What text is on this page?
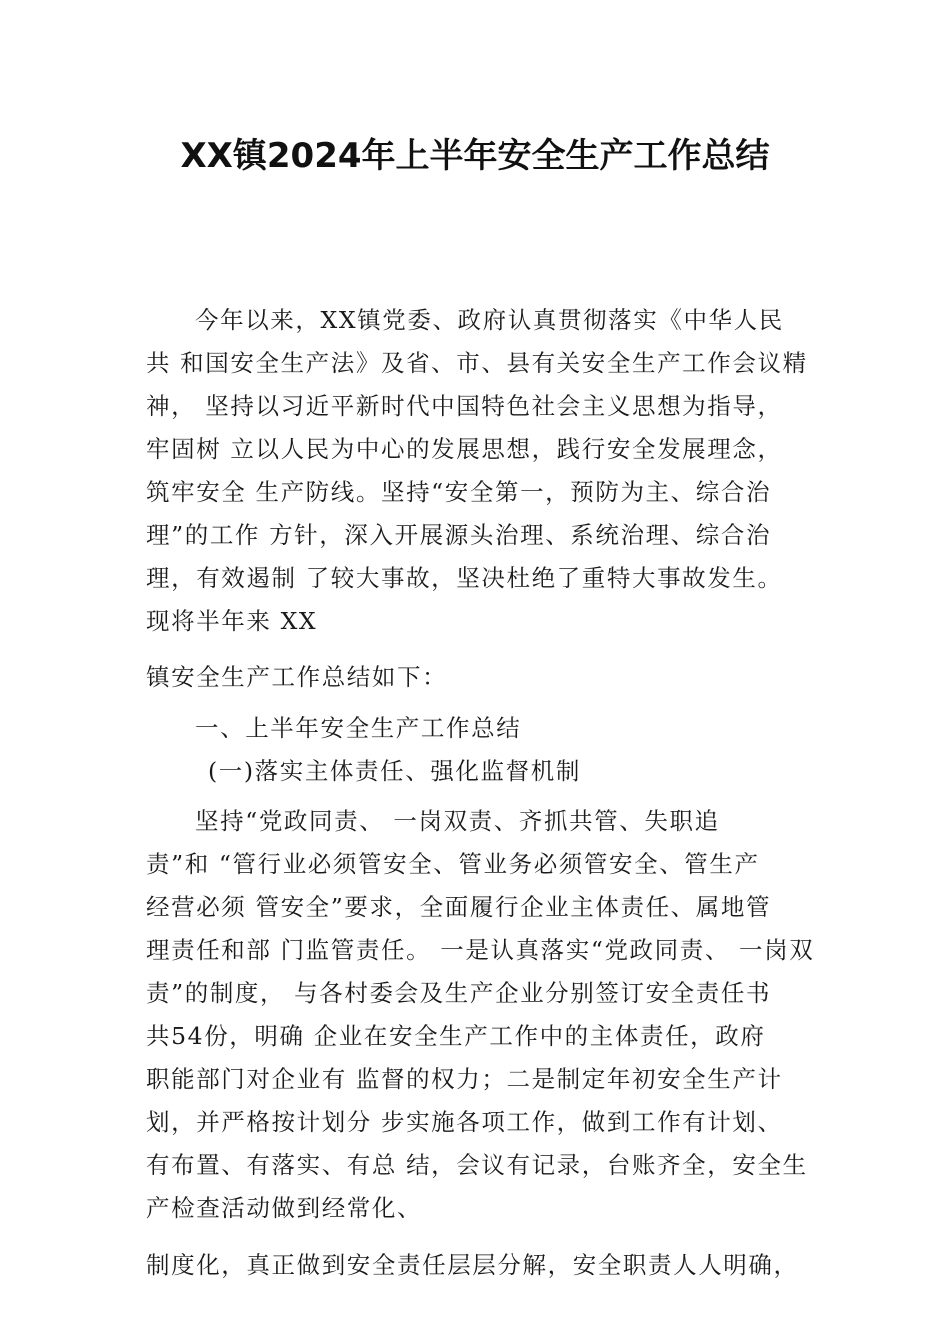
XX镇2024年上半年安全生产工作总结
今年以来，XX镇党委、政府认真贯彻落实《中华人民
共 和国安全生产法》及省、市、县有关安全生产工作会议精
神， 坚持以习近平新时代中国特色社会主义思想为指导，
牢固树 立以人民为中心的发展思想，践行安全发展理念，
筑牢安全 生产防线。坚持“安全第一，预防为主、综合治
理”的工作 方针，深入开展源头治理、系统治理、综合治
理，有效遏制 了较大事故，坚决杜绝了重特大事故发生。
现将半年来 XX
镇安全生产工作总结如下：
一、上半年安全生产工作总结
(一)落实主体责任、强化监督机制
坚持“党政同责、 一岗双责、齐抓共管、失职追
责”和 “管行业必须管安全、管业务必须管安全、管生产
经营必须 管安全”要求，全面履行企业主体责任、属地管
理责任和部 门监管责任。 一是认真落实“党政同责、 一岗双
责”的制度， 与各村委会及生产企业分别签订安全责任书
共54份，明确 企业在安全生产工作中的主体责任，政府
职能部门对企业有 监督的权力；二是制定年初安全生产计
划，并严格按计划分 步实施各项工作，做到工作有计划、
有布置、有落实、有总 结，会议有记录，台账齐全，安全生
产检查活动做到经常化、
制度化，真正做到安全责任层层分解，安全职责人人明确，
